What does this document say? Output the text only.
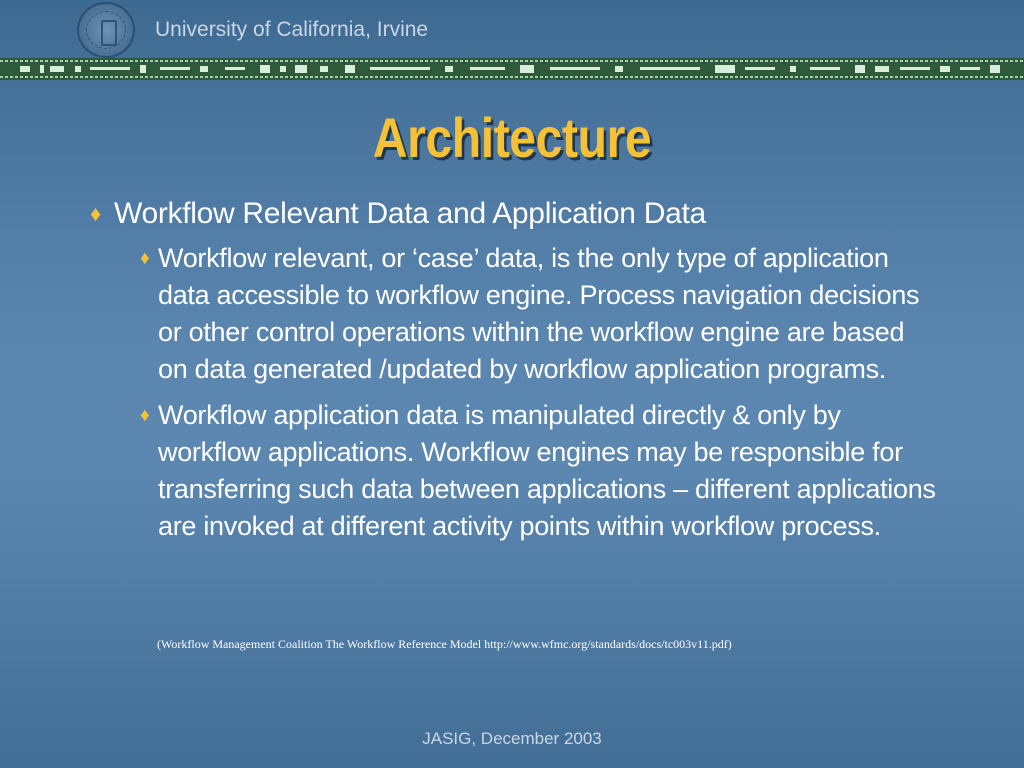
University of California, Irvine
Architecture
♦ Workflow Relevant Data and Application Data
♦ Workflow relevant, or ‘case’ data, is the only type of application data accessible to workflow engine. Process navigation decisions or other control operations within the workflow engine are based on data generated /updated by workflow application programs.
♦ Workflow application data is manipulated directly & only by workflow applications. Workflow engines may be responsible for transferring such data between applications – different applications are invoked at different activity points within workflow process.
(Workflow Management Coalition The Workflow Reference Model http://www.wfmc.org/standards/docs/tc003v11.pdf)
JASIG, December 2003
